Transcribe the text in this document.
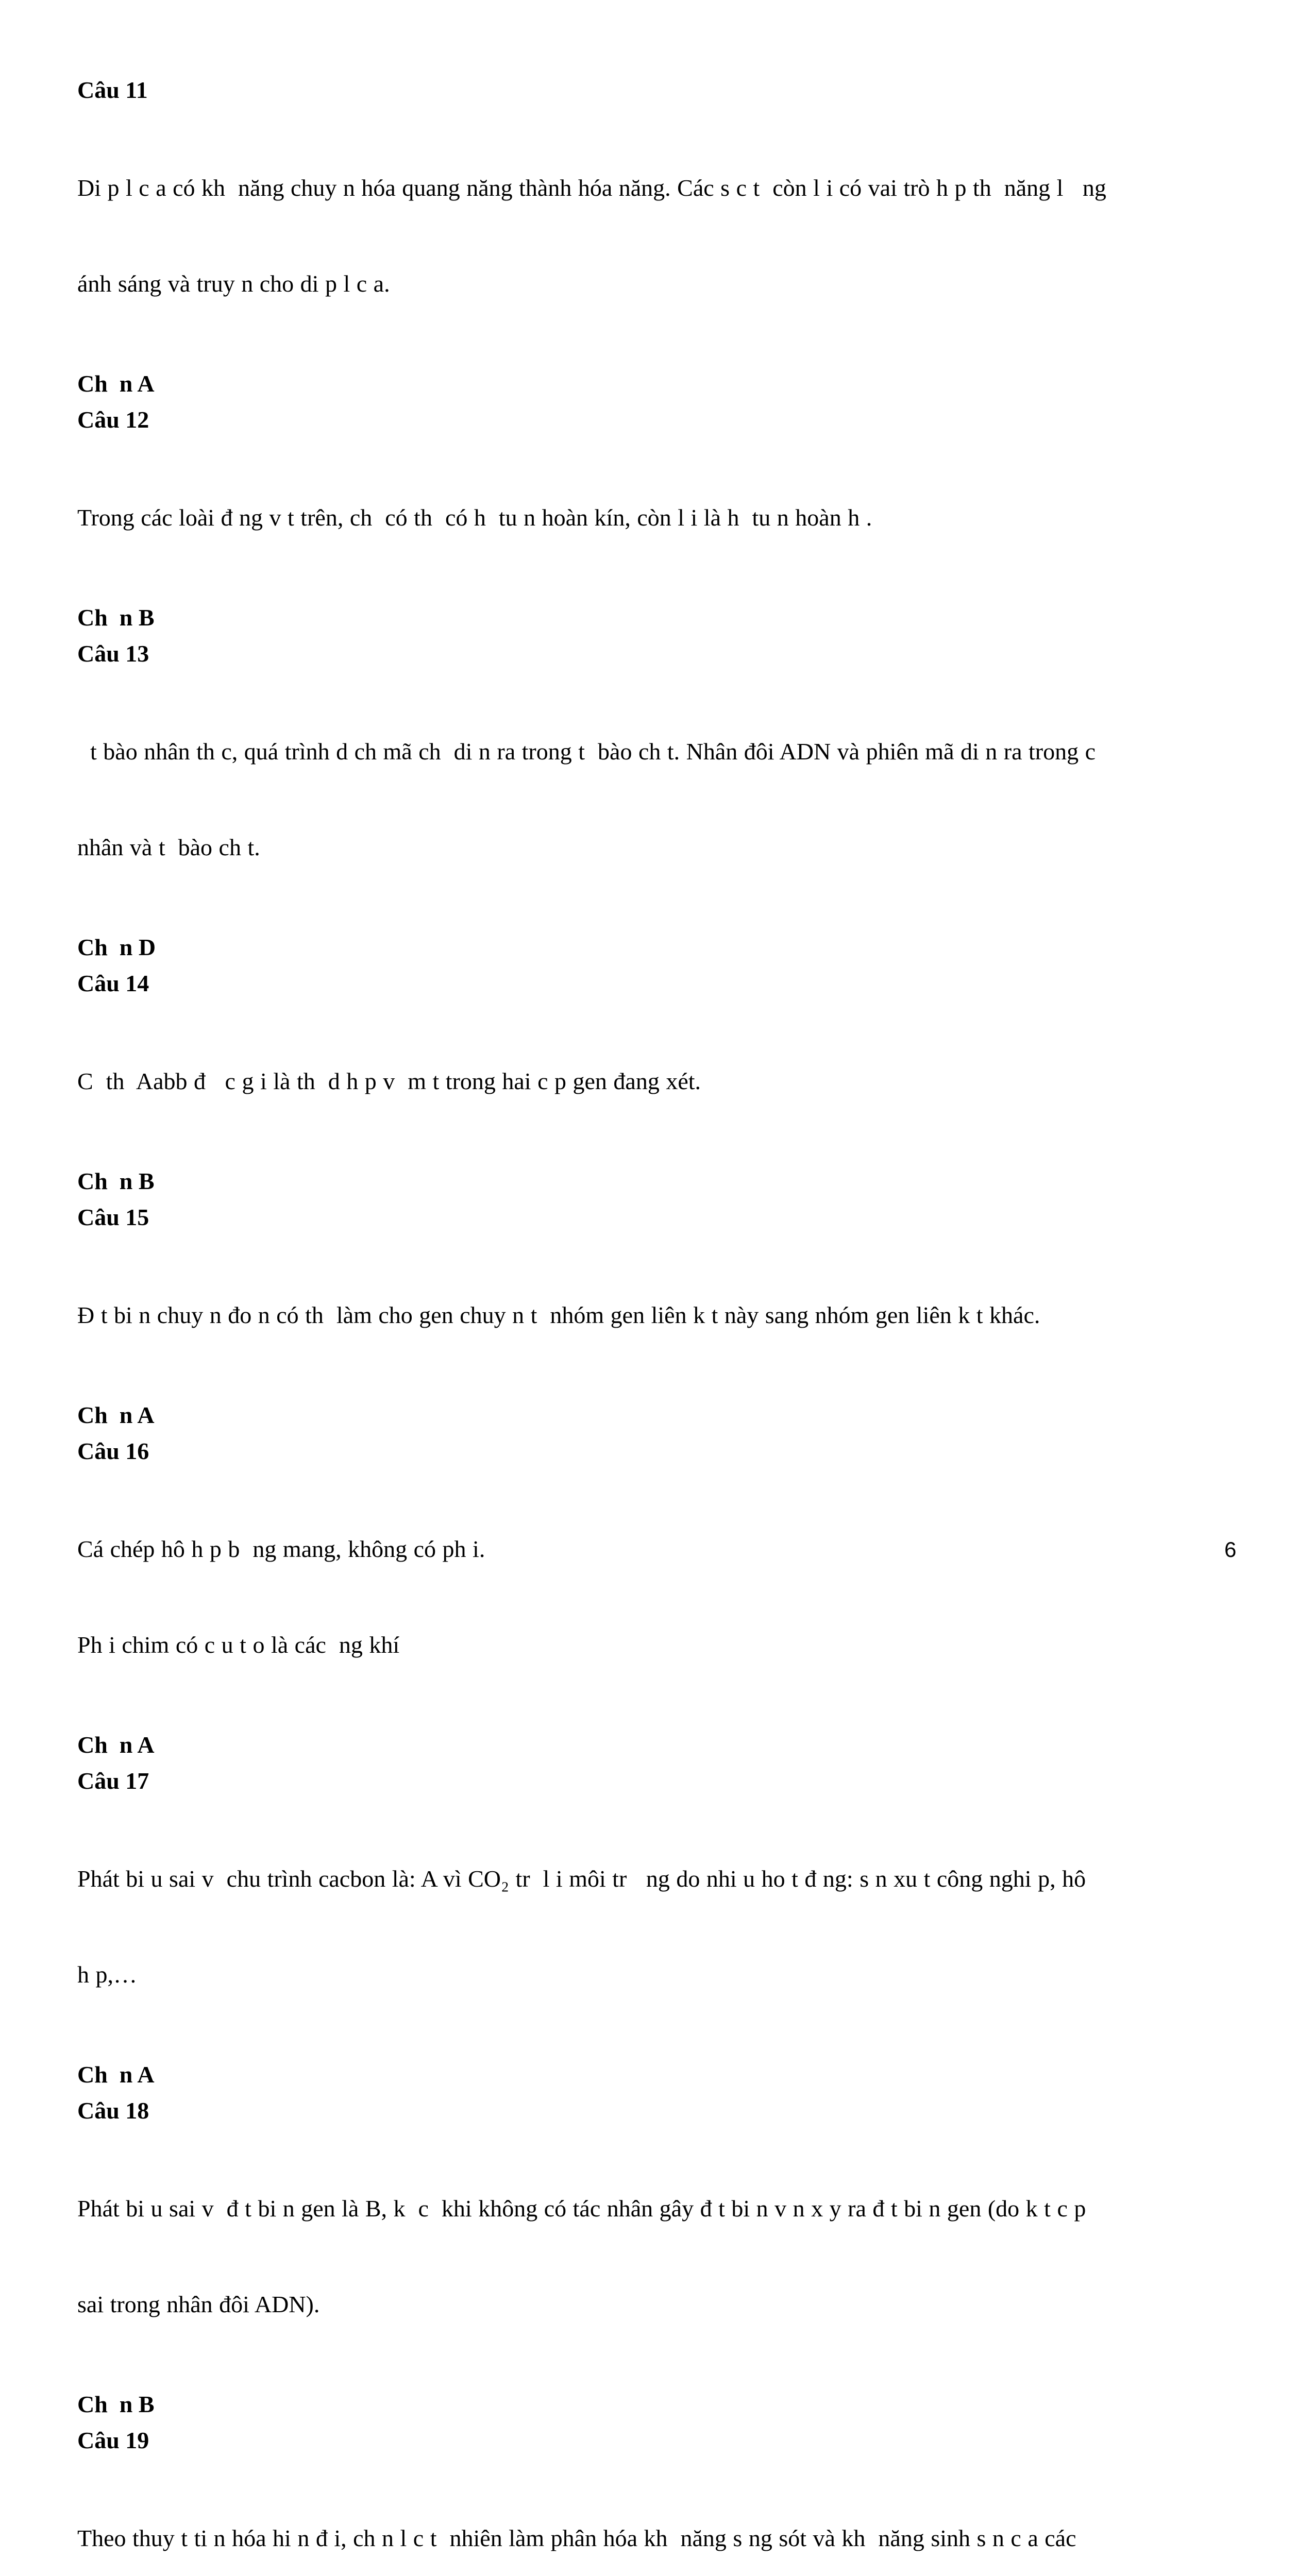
Câu 11

Di p l c a có kh  năng chuy n hóa quang năng thành hóa năng. Các s c t  còn l i có vai trò h p th  năng l   ng

ánh sáng và truy n cho di p l c a.

Ch  n A

Câu 12

Trong các loài đ ng v t trên, ch  có th  có h  tu n hoàn kín, còn l i là h  tu n hoàn h .

Ch  n B

Câu 13

t bào nhân th c, quá trình d ch mã ch  di n ra trong t  bào ch t. Nhân đôi ADN và phiên mã di n ra trong c

nhân và t  bào ch t.

Ch  n D

Câu 14

C  th  Aabb đ   c g i là th  d h p v  m t trong hai c p gen đang xét.

Ch  n B

Câu 15

Đ t bi n chuy n đo n có th  làm cho gen chuy n t  nhóm gen liên k t này sang nhóm gen liên k t khác.

Ch  n A

Câu 16

Cá chép hô h p b  ng mang, không có ph i.

Ph i chim có c u t o là các  ng khí

Ch  n A

Câu 17

Phát bi u sai v  chu trình cacbon là: A vì CO₂ tr  l i môi tr   ng do nhi u ho t đ ng: s n xu t công nghi p, hô

h p,…

Ch  n A

Câu 18

Phát bi u sai v  đ t bi n gen là B, k  c  khi không có tác nhân gây đ t bi n v n x y ra đ t bi n gen (do k t c p

sai trong nhân đôi ADN).

Ch  n B

Câu 19

Theo thuy t ti n hóa hi n đ i, ch n l c t  nhiên làm phân hóa kh  năng s ng sót và kh  năng sinh s n c a các

6
